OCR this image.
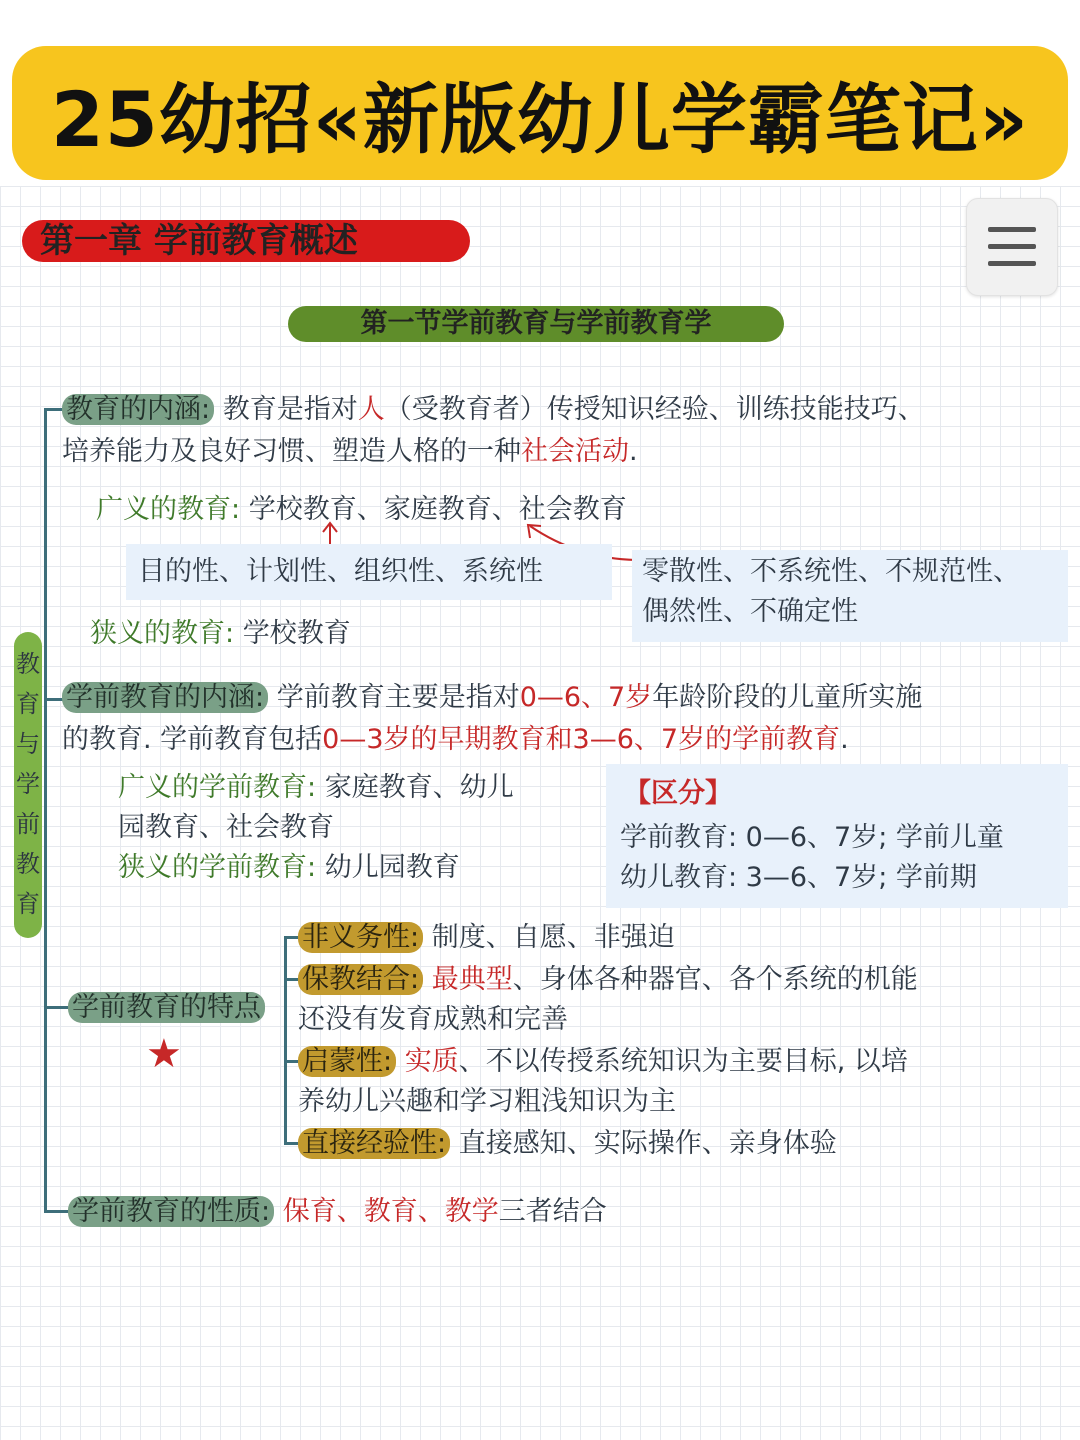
25幼招«新版幼儿学霸笔记»
第一章 学前教育概述
第一节学前教育与学前教育学
教
育
与
学
前
教
育
教育的内涵: 教育是指对人（受教育者）传授知识经验、训练技能技巧、
培养能力及良好习惯、塑造人格的一种社会活动.
广义的教育: 学校教育、家庭教育、社会教育
目的性、计划性、组织性、系统性	零散性、不系统性、不规范性、
偶然性、不确定性
狭义的教育: 学校教育
学前教育的内涵: 学前教育主要是指对0—6、7岁年龄阶段的儿童所实施
的教育. 学前教育包括0—3岁的早期教育和3—6、7岁的学前教育.
广义的学前教育: 家庭教育、幼儿
园教育、社会教育
狭义的学前教育: 幼儿园教育
【区分】
学前教育: 0—6、7岁; 学前儿童
幼儿教育: 3—6、7岁; 学前期
学前教育的特点
★
非义务性: 制度、自愿、非强迫
保教结合: 最典型、身体各种器官、各个系统的机能
还没有发育成熟和完善
启蒙性: 实质、不以传授系统知识为主要目标, 以培
养幼儿兴趣和学习粗浅知识为主
直接经验性: 直接感知、实际操作、亲身体验
学前教育的性质: 保育、教育、教学三者结合
